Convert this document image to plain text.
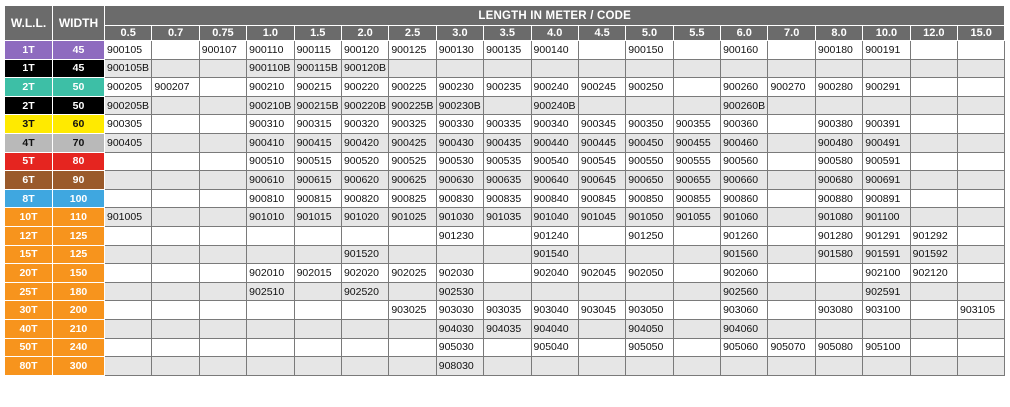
W.L.L.	WIDTH	LENGTH IN METER / CODE																		
		0.5	0.7	0.75	1.0	1.5	2.0	2.5	3.0	3.5	4.0	4.5	5.0	5.5	6.0	7.0	8.0	10.0	12.0	15.0
1T	45	900105		900107	900110	900115	900120	900125	900130	900135	900140		900150		900160		900180	900191		
1T	45	900105B			900110B	900115B	900120B													
2T	50	900205	900207		900210	900215	900220	900225	900230	900235	900240	900245	900250		900260	900270	900280	900291		
2T	50	900205B			900210B	900215B	900220B	900225B	900230B		900240B				900260B					
3T	60	900305			900310	900315	900320	900325	900330	900335	900340	900345	900350	900355	900360		900380	900391		
4T	70	900405			900410	900415	900420	900425	900430	900435	900440	900445	900450	900455	900460		900480	900491		
5T	80				900510	900515	900520	900525	900530	900535	900540	900545	900550	900555	900560		900580	900591		
6T	90				900610	900615	900620	900625	900630	900635	900640	900645	900650	900655	900660		900680	900691		
8T	100				900810	900815	900820	900825	900830	900835	900840	900845	900850	900855	900860		900880	900891		
10T	110	901005			901010	901015	901020	901025	901030	901035	901040	901045	901050	901055	901060		901080	901100		
12T	125								901230		901240		901250		901260		901280	901291	901292	
15T	125						901520				901540				901560		901580	901591	901592	
20T	150				902010	902015	902020	902025	902030		902040	902045	902050		902060			902100	902120	
25T	180				902510		902520		902530						902560			902591		
30T	200							903025	903030	903035	903040	903045	903050		903060		903080	903100		903105
40T	210								904030	904035	904040		904050		904060					
50T	240								905030		905040		905050		905060	905070	905080	905100		
80T	300								908030											
